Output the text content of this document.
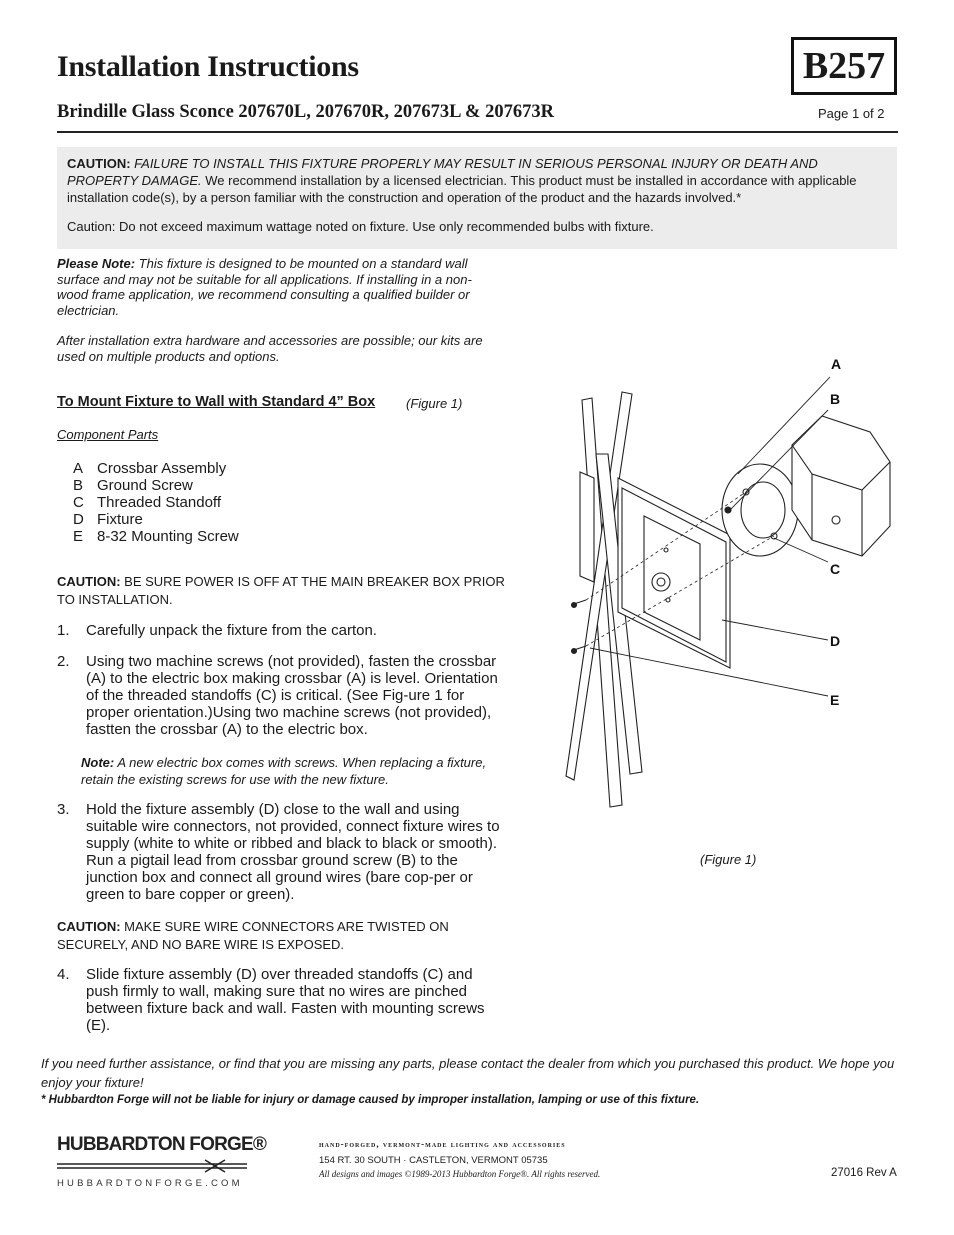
Installation Instructions	B257
Brindille Glass Sconce 207670L, 207670R, 207673L & 207673R	Page 1 of 2
CAUTION: FAILURE TO INSTALL THIS FIXTURE PROPERLY MAY RESULT IN SERIOUS PERSONAL INJURY OR DEATH AND PROPERTY DAMAGE. We recommend installation by a licensed electrician. This product must be installed in accordance with applicable installation code(s), by a person familiar with the construction and operation of the product and the hazards involved.*
Caution: Do not exceed maximum wattage noted on fixture. Use only recommended bulbs with fixture.
Please Note: This fixture is designed to be mounted on a standard wall surface and may not be suitable for all applications. If installing in a non-wood frame application, we recommend consulting a qualified builder or electrician.
After installation extra hardware and accessories are possible; our kits are used on multiple products and options.
To Mount Fixture to Wall with Standard 4” Box (Figure 1)
Component Parts
A Crossbar Assembly
B Ground Screw
C Threaded Standoff
D Fixture
E 8-32 Mounting Screw
CAUTION: BE SURE POWER IS OFF AT THE MAIN BREAKER BOX PRIOR TO INSTALLATION.
1. Carefully unpack the fixture from the carton.
2. Using two machine screws (not provided), fasten the crossbar (A) to the electric box making crossbar (A) is level. Orientation of the threaded standoffs (C) is critical. (See Fig-ure 1 for proper orientation.)Using two machine screws (not provided), fastten the crossbar (A) to the electric box.
Note: A new electric box comes with screws. When replacing a fixture, retain the existing screws for use with the new fixture.
3. Hold the fixture assembly (D) close to the wall and using suitable wire connectors, not provided, connect fixture wires to supply (white to white or ribbed and black to black or smooth). Run a pigtail lead from crossbar ground screw (B) to the junction box and connect all ground wires (bare cop-per or green to bare copper or green).
CAUTION: MAKE SURE WIRE CONNECTORS ARE TWISTED ON SECURELY, AND NO BARE WIRE IS EXPOSED.
4. Slide fixture assembly (D) over threaded standoffs (C) and push firmly to wall, making sure that no wires are pinched between fixture back and wall. Fasten with mounting screws (E).
A
B
C
D
E
(Figure 1)
If you need further assistance, or find that you are missing any parts, please contact the dealer from which you purchased this product. We hope you enjoy your fixture!
* Hubbardton Forge will not be liable for injury or damage caused by improper installation, lamping or use of this fixture.
HUBBARDTON FORGE®
HUBBARDTONFORGE.COM
hand-forged, vermont-made lighting and accessories
154 RT. 30 SOUTH · CASTLETON, VERMONT 05735
All designs and images ©1989-2013 Hubbardton Forge®. All rights reserved.	27016 Rev A
